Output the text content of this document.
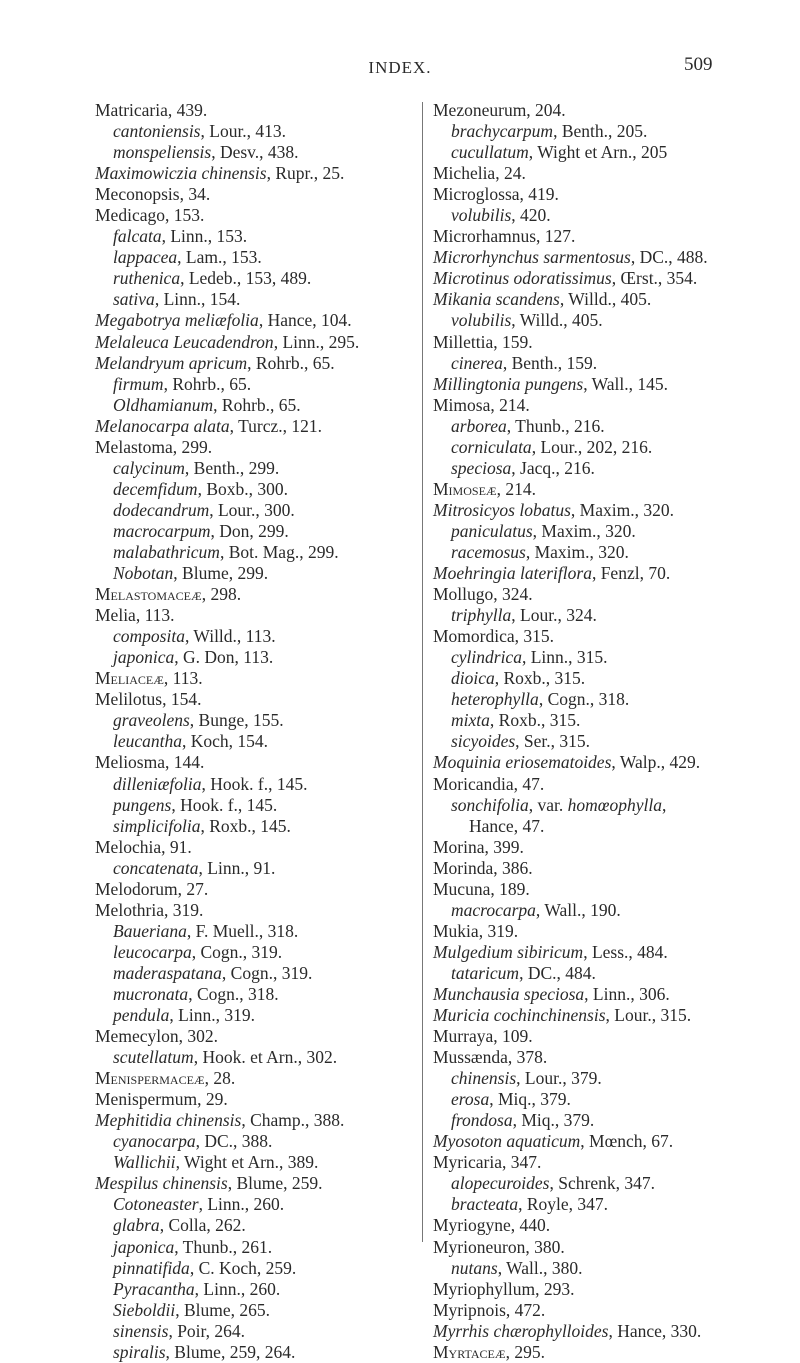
INDEX.	509
Matricaria, 439.
cantoniensis, Lour., 413.
monspeliensis, Desv., 438.
Maximowiczia chinensis, Rupr., 25.
Meconopsis, 34.
Medicago, 153.
falcata, Linn., 153.
lappacea, Lam., 153.
ruthenica, Ledeb., 153, 489.
sativa, Linn., 154.
Megabotrya meliæfolia, Hance, 104.
Melaleuca Leucadendron, Linn., 295.
Melandryum apricum, Rohrb., 65.
firmum, Rohrb., 65.
Oldhamianum, Rohrb., 65.
Melanocarpa alata, Turcz., 121.
Melastoma, 299.
calycinum, Benth., 299.
decemfidum, Boxb., 300.
dodecandrum, Lour., 300.
macrocarpum, Don, 299.
malabathricum, Bot. Mag., 299.
Nobotan, Blume, 299.
Melastomaceæ, 298.
Melia, 113.
composita, Willd., 113.
japonica, G. Don, 113.
Meliaceæ, 113.
Melilotus, 154.
graveolens, Bunge, 155.
leucantha, Koch, 154.
Meliosma, 144.
dilleniæfolia, Hook. f., 145.
pungens, Hook. f., 145.
simplicifolia, Roxb., 145.
Melochia, 91.
concatenata, Linn., 91.
Melodorum, 27.
Melothria, 319.
Baueriana, F. Muell., 318.
leucocarpa, Cogn., 319.
maderaspatana, Cogn., 319.
mucronata, Cogn., 318.
pendula, Linn., 319.
Memecylon, 302.
scutellatum, Hook. et Arn., 302.
Menispermaceæ, 28.
Menispermum, 29.
Mephitidia chinensis, Champ., 388.
cyanocarpa, DC., 388.
Wallichii, Wight et Arn., 389.
Mespilus chinensis, Blume, 259.
Cotoneaster, Linn., 260.
glabra, Colla, 262.
japonica, Thunb., 261.
pinnatifida, C. Koch, 259.
Pyracantha, Linn., 260.
Sieboldii, Blume, 265.
sinensis, Poir, 264.
spiralis, Blume, 259, 264.
Mezoneurum, 204.
brachycarpum, Benth., 205.
cucullatum, Wight et Arn., 205
Michelia, 24.
Microglossa, 419.
volubilis, 420.
Microrhamnus, 127.
Microrhynchus sarmentosus, DC., 488.
Microtinus odoratissimus, Œrst., 354.
Mikania scandens, Willd., 405.
volubilis, Willd., 405.
Millettia, 159.
cinerea, Benth., 159.
Millingtonia pungens, Wall., 145.
Mimosa, 214.
arborea, Thunb., 216.
corniculata, Lour., 202, 216.
speciosa, Jacq., 216.
Mimoseæ, 214.
Mitrosicyos lobatus, Maxim., 320.
paniculatus, Maxim., 320.
racemosus, Maxim., 320.
Moehringia lateriflora, Fenzl, 70.
Mollugo, 324.
triphylla, Lour., 324.
Momordica, 315.
cylindrica, Linn., 315.
dioica, Roxb., 315.
heterophylla, Cogn., 318.
mixta, Roxb., 315.
sicyoides, Ser., 315.
Moquinia eriosematoides, Walp., 429.
Moricandia, 47.
sonchifolia, var. homœophylla,
Hance, 47.
Morina, 399.
Morinda, 386.
Mucuna, 189.
macrocarpa, Wall., 190.
Mukia, 319.
Mulgedium sibiricum, Less., 484.
tataricum, DC., 484.
Munchausia speciosa, Linn., 306.
Muricia cochinchinensis, Lour., 315.
Murraya, 109.
Mussænda, 378.
chinensis, Lour., 379.
erosa, Miq., 379.
frondosa, Miq., 379.
Myosoton aquaticum, Mœnch, 67.
Myricaria, 347.
alopecuroides, Schrenk, 347.
bracteata, Royle, 347.
Myriogyne, 440.
Myrioneuron, 380.
nutans, Wall., 380.
Myriophyllum, 293.
Myripnois, 472.
Myrrhis chærophylloides, Hance, 330.
Myrtaceæ, 295.
